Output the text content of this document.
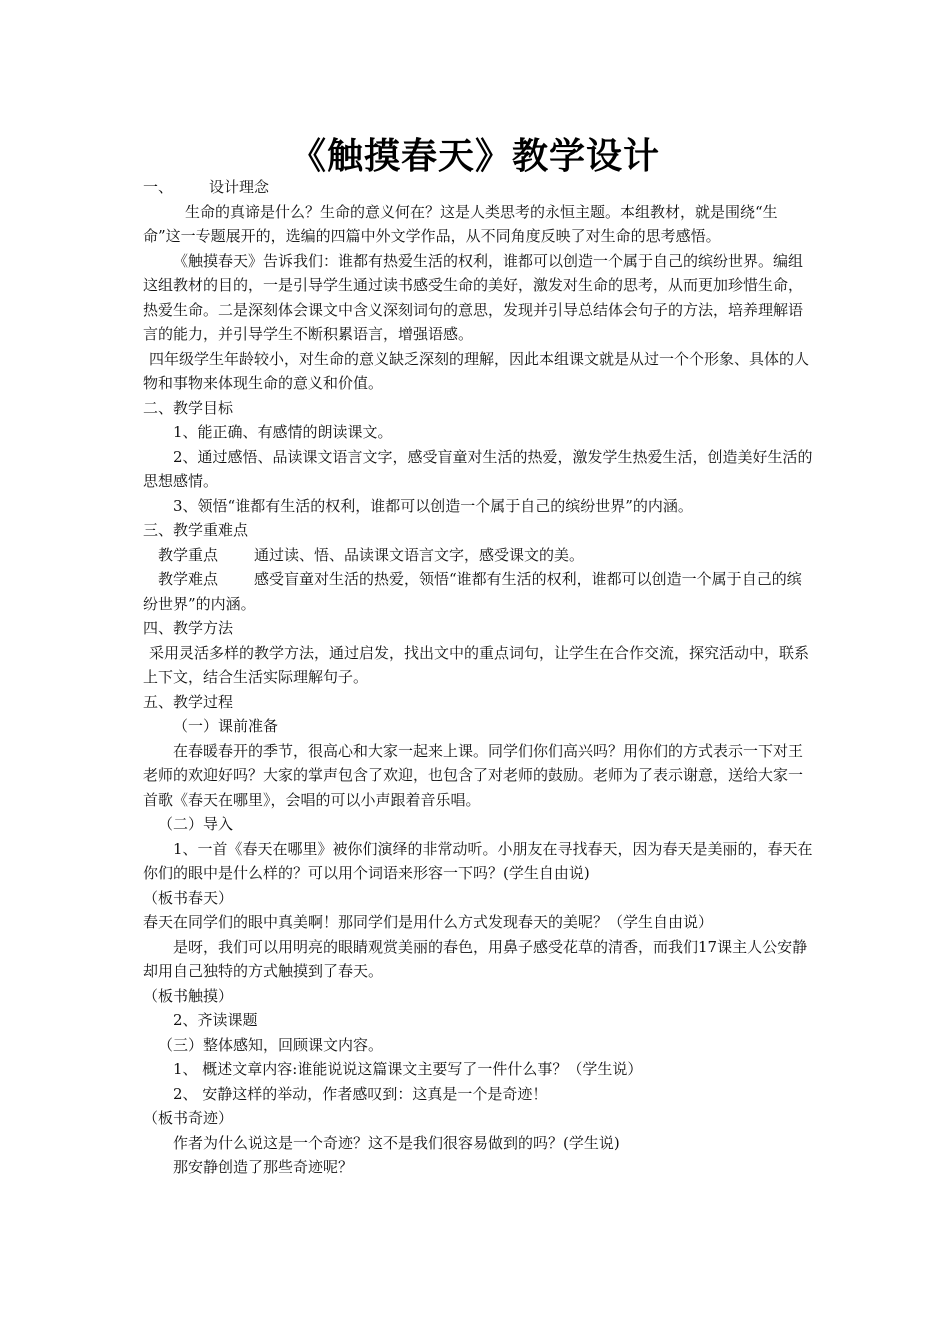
《触摸春天》教学设计

一、 设计理念

生命的真谛是什么？生命的意义何在？这是人类思考的永恒主题。本组教材，就是围绕“生命”这一专题展开的，选编的四篇中外文学作品，从不同角度反映了对生命的思考感悟。

《触摸春天》告诉我们：谁都有热爱生活的权利，谁都可以创造一个属于自己的缤纷世界。编组这组教材的目的，一是引导学生通过读书感受生命的美好，激发对生命的思考，从而更加珍惜生命，热爱生命。二是深刻体会课文中含义深刻词句的意思，发现并引导总结体会句子的方法，培养理解语言的能力，并引导学生不断积累语言，增强语感。

四年级学生年龄较小，对生命的意义缺乏深刻的理解，因此本组课文就是从过一个个形象、具体的人物和事物来体现生命的意义和价值。

二、教学目标

1、能正确、有感情的朗读课文。

2、通过感悟、品读课文语言文字，感受盲童对生活的热爱，激发学生热爱生活，创造美好生活的思想感情。

3、领悟“谁都有生活的权利，谁都可以创造一个属于自己的缤纷世界”的内涵。

三、教学重难点

教学重点 通过读、悟、品读课文语言文字，感受课文的美。

教学难点 感受盲童对生活的热爱，领悟“谁都有生活的权利，谁都可以创造一个属于自己的缤纷世界”的内涵。

四、教学方法

采用灵活多样的教学方法，通过启发，找出文中的重点词句，让学生在合作交流，探究活动中，联系上下文，结合生活实际理解句子。

五、教学过程

（一）课前准备

在春暖春开的季节，很高心和大家一起来上课。同学们你们高兴吗？用你们的方式表示一下对王老师的欢迎好吗？大家的掌声包含了欢迎，也包含了对老师的鼓励。老师为了表示谢意，送给大家一首歌《春天在哪里》，会唱的可以小声跟着音乐唱。

（二）导入

1、一首《春天在哪里》被你们演绎的非常动听。小朋友在寻找春天，因为春天是美丽的，春天在你们的眼中是什么样的？可以用个词语来形容一下吗？(学生自由说)

（板书春天）

春天在同学们的眼中真美啊！那同学们是用什么方式发现春天的美呢？（学生自由说）

是呀，我们可以用明亮的眼睛观赏美丽的春色，用鼻子感受花草的清香，而我们17课主人公安静却用自己独特的方式触摸到了春天。

（板书触摸）

2、齐读课题

（三）整体感知，回顾课文内容。

1、 概述文章内容:谁能说说这篇课文主要写了一件什么事？（学生说）

2、 安静这样的举动，作者感叹到：这真是一个是奇迹！

（板书奇迹）

作者为什么说这是一个奇迹？这不是我们很容易做到的吗？(学生说)

那安静创造了那些奇迹呢？
